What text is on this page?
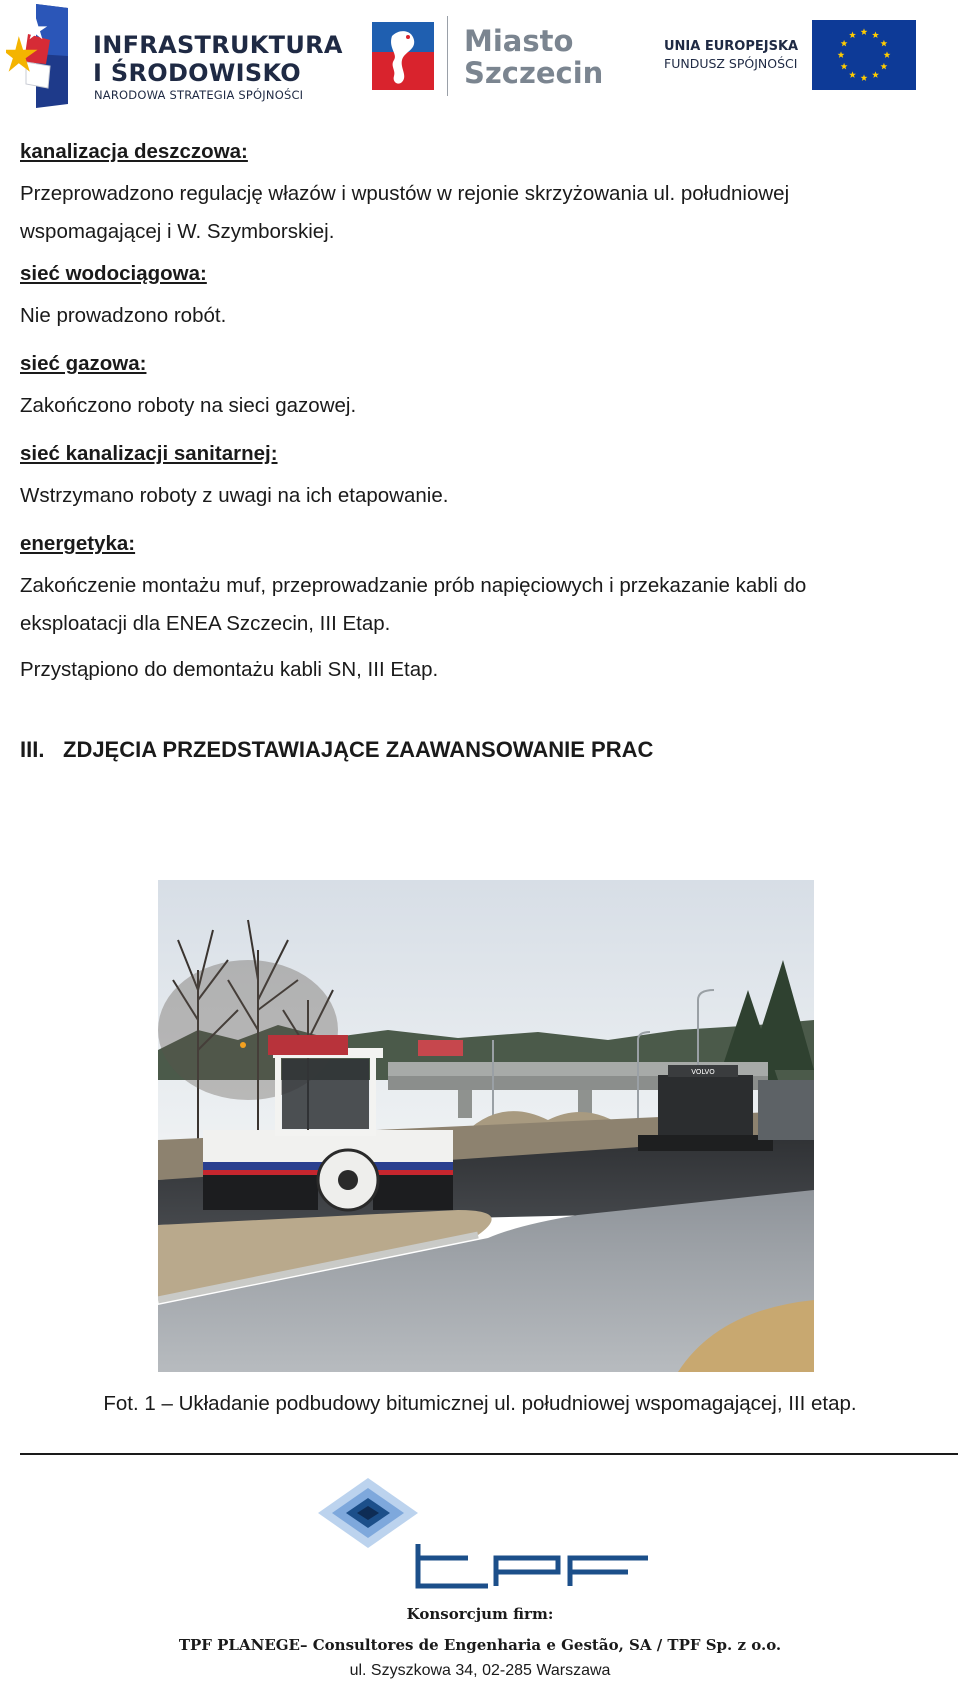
INFRASTRUKTURA
I ŚRODOWISKO
NARODOWA STRATEGIA SPÓJNOŚCI
Miasto
Szczecin
UNIA EUROPEJSKA
FUNDUSZ SPÓJNOŚCI

kanalizacja deszczowa:

Przeprowadzono regulację włazów i wpustów w rejonie skrzyżowania ul. południowej

wspomagającej i W. Szymborskiej.

sieć wodociągowa:

Nie prowadzono robót.

sieć gazowa:

Zakończono roboty na sieci gazowej.

sieć kanalizacji sanitarnej:

Wstrzymano roboty z uwagi na ich etapowanie.

energetyka:

Zakończenie montażu muf, przeprowadzanie prób napięciowych i przekazanie kabli do

eksploatacji dla ENEA Szczecin, III Etap.

Przystąpiono do demontażu kabli SN, III Etap.

III. ZDJĘCIA PRZEDSTAWIAJĄCE ZAAWANSOWANIE PRAC

VOLVO

Fot. 1 – Układanie podbudowy bitumicznej ul. południowej wspomagającej, III etap.

Konsorcjum firm:

TPF PLANEGE– Consultores de Engenharia e Gestão, SA / TPF Sp. z o.o.

ul. Szyszkowa 34, 02-285 Warszawa
